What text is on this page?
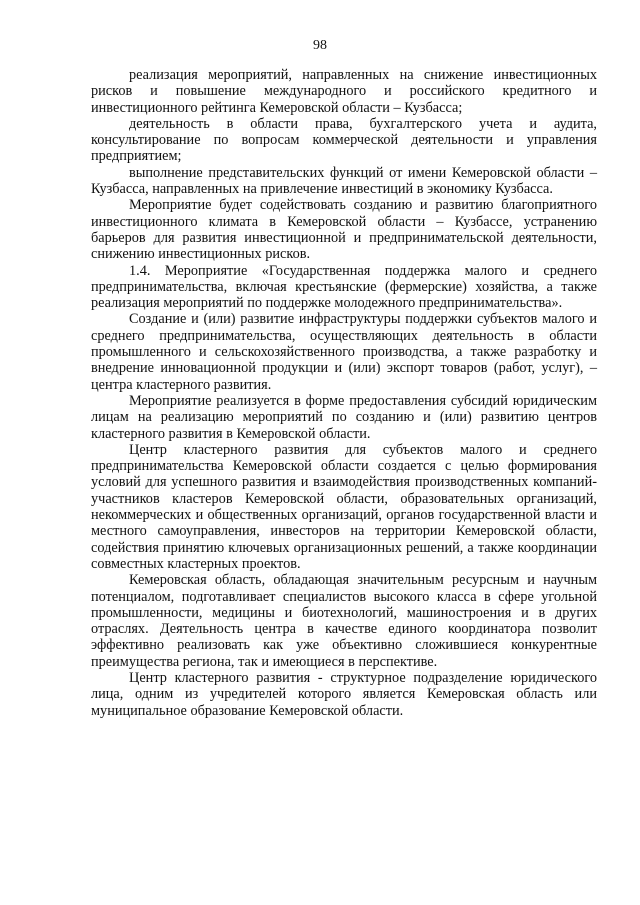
98

реализация мероприятий, направленных на снижение инвестиционных рисков и повышение международного и российского кредитного и инвестиционного рейтинга Кемеровской области – Кузбасса;

деятельность в области права, бухгалтерского учета и аудита, консультирование по вопросам коммерческой деятельности и управления предприятием;

выполнение представительских функций от имени Кемеровской области – Кузбасса, направленных на привлечение инвестиций в экономику Кузбасса.

Мероприятие будет содействовать созданию и развитию благоприятного инвестиционного климата в Кемеровской области – Кузбассе, устранению барьеров для развития инвестиционной и предпринимательской деятельности, снижению инвестиционных рисков.

1.4. Мероприятие «Государственная поддержка малого и среднего предпринимательства, включая крестьянские (фермерские) хозяйства, а также реализация мероприятий по поддержке молодежного предпринимательства».

Создание и (или) развитие инфраструктуры поддержки субъектов малого и среднего предпринимательства, осуществляющих деятельность в области промышленного и сельскохозяйственного производства, а также разработку и внедрение инновационной продукции и (или) экспорт товаров (работ, услуг), – центра кластерного развития.

Мероприятие реализуется в форме предоставления субсидий юридическим лицам на реализацию мероприятий по созданию и (или) развитию центров кластерного развития в Кемеровской области.

Центр кластерного развития для субъектов малого и среднего предпринимательства Кемеровской области создается с целью формирования условий для успешного развития и взаимодействия производственных компаний-участников кластеров Кемеровской области, образовательных организаций, некоммерческих и общественных организаций, органов государственной власти и местного самоуправления, инвесторов на территории Кемеровской области, содействия принятию ключевых организационных решений, а также координации совместных кластерных проектов.

Кемеровская область, обладающая значительным ресурсным и научным потенциалом, подготавливает специалистов высокого класса в сфере угольной промышленности, медицины и биотехнологий, машиностроения и в других отраслях. Деятельность центра в качестве единого координатора позволит эффективно реализовать как уже объективно сложившиеся конкурентные преимущества региона, так и имеющиеся в перспективе.

Центр кластерного развития - структурное подразделение юридического лица, одним из учредителей которого является Кемеровская область или муниципальное образование Кемеровской области.
